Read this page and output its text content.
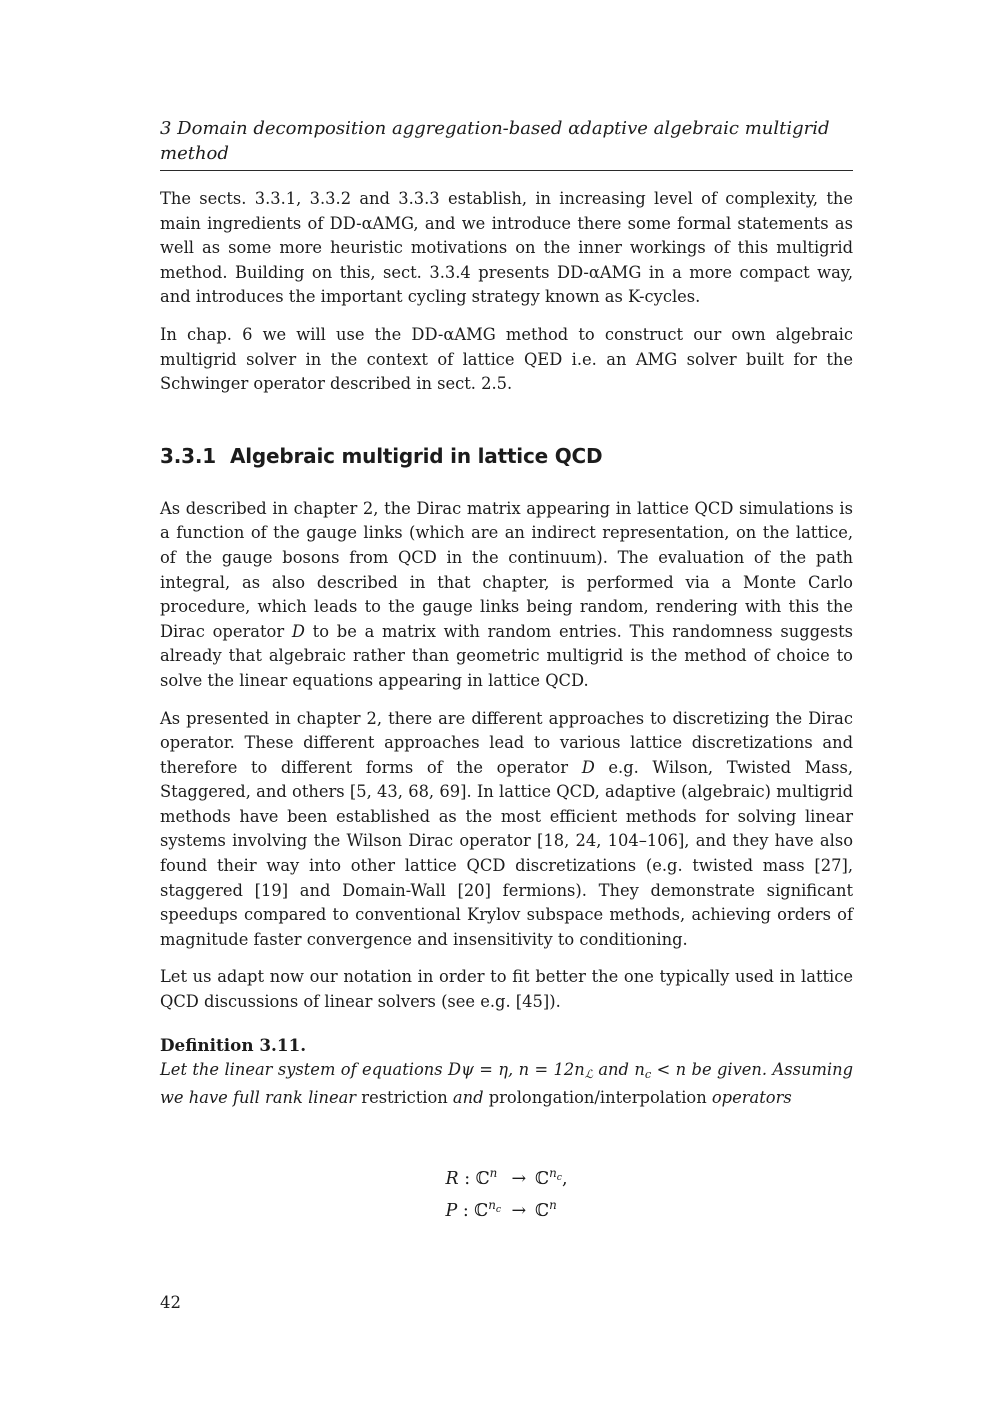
3 Domain decomposition aggregation-based αdaptive algebraic multigrid
method

The sects. 3.3.1, 3.3.2 and 3.3.3 establish, in increasing level of complexity, the main ingredients of DD-αAMG, and we introduce there some formal statements as well as some more heuristic motivations on the inner workings of this multigrid method. Building on this, sect. 3.3.4 presents DD-αAMG in a more compact way, and introduces the important cycling strategy known as K-cycles.

In chap. 6 we will use the DD-αAMG method to construct our own algebraic multigrid solver in the context of lattice QED i.e. an AMG solver built for the Schwinger operator described in sect. 2.5.

3.3.1 Algebraic multigrid in lattice QCD

As described in chapter 2, the Dirac matrix appearing in lattice QCD simulations is a function of the gauge links (which are an indirect representation, on the lattice, of the gauge bosons from QCD in the continuum). The evaluation of the path integral, as also described in that chapter, is performed via a Monte Carlo procedure, which leads to the gauge links being random, rendering with this the Dirac operator D to be a matrix with random entries. This randomness suggests already that algebraic rather than geometric multigrid is the method of choice to solve the linear equations appearing in lattice QCD.

As presented in chapter 2, there are different approaches to discretizing the Dirac operator. These different approaches lead to various lattice discretizations and therefore to different forms of the operator D e.g. Wilson, Twisted Mass, Staggered, and others [5, 43, 68, 69]. In lattice QCD, adaptive (algebraic) multigrid methods have been established as the most efficient methods for solving linear systems involving the Wilson Dirac operator [18, 24, 104–106], and they have also found their way into other lattice QCD discretizations (e.g. twisted mass [27], staggered [19] and Domain-Wall [20] fermions). They demonstrate significant speedups compared to conventional Krylov subspace methods, achieving orders of magnitude faster convergence and insensitivity to conditioning.

Let us adapt now our notation in order to fit better the one typically used in lattice QCD discussions of linear solvers (see e.g. [45]).

Definition 3.11.
Let the linear system of equations Dψ = η, n = 12nℒ and nc < n be given. Assuming we have full rank linear restriction and prolongation/interpolation operators
R : ℂ$^n$ → ℂ$^{n_c}$,
P : ℂ$^{n_c}$ → ℂ$^n$
42
